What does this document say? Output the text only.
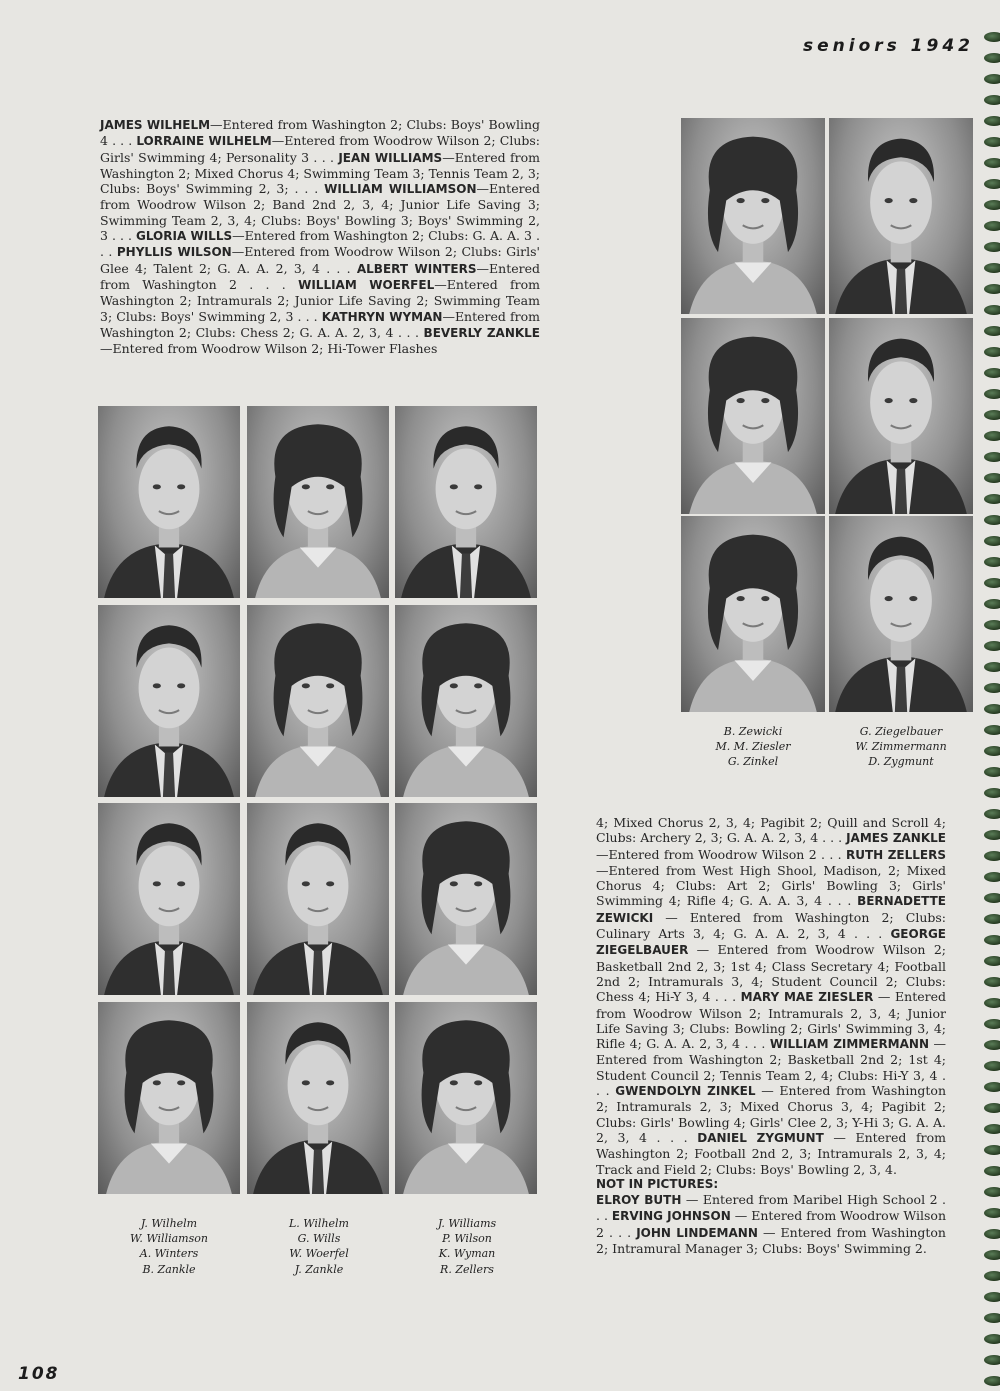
seniors 1942

JAMES WILHELM—Entered from Washington 2; Clubs: Boys' Bowling 4 . . . LORRAINE WILHELM—Entered from Woodrow Wilson 2; Clubs: Girls' Swimming 4; Personality 3 . . . JEAN WILLIAMS—Entered from Washington 2; Mixed Chorus 4; Swimming Team 3; Tennis Team 2, 3; Clubs: Boys' Swimming 2, 3; . . . WILLIAM WILLIAMSON—Entered from Woodrow Wilson 2; Band 2nd 2, 3, 4; Junior Life Saving 3; Swimming Team 2, 3, 4; Clubs: Boys' Bowling 3; Boys' Swimming 2, 3 . . . GLORIA WILLS—Entered from Washington 2; Clubs: G. A. A. 3 . . . PHYLLIS WILSON—Entered from Woodrow Wilson 2; Clubs: Girls' Glee 4; Talent 2; G. A. A. 2, 3, 4 . . . ALBERT WINTERS—Entered from Washington 2 . . . WILLIAM WOERFEL—Entered from Washington 2; Intramurals 2; Junior Life Saving 2; Swimming Team 3; Clubs: Boys' Swimming 2, 3 . . . KATHRYN WYMAN—Entered from Washington 2; Clubs: Chess 2; G. A. A. 2, 3, 4 . . . BEVERLY ZANKLE—Entered from Woodrow Wilson 2; Hi-Tower Flashes

4; Mixed Chorus 2, 3, 4; Pagibit 2; Quill and Scroll 4; Clubs: Archery 2, 3; G. A. A. 2, 3, 4 . . . JAMES ZANKLE—Entered from Woodrow Wilson 2 . . . RUTH ZELLERS—Entered from West High Shool, Madison, 2; Mixed Chorus 4; Clubs: Art 2; Girls' Bowling 3; Girls' Swimming 4; Rifle 4; G. A. A. 3, 4 . . . BERNADETTE ZEWICKI — Entered from Washington 2; Clubs: Culinary Arts 3, 4; G. A. A. 2, 3, 4 . . . GEORGE ZIEGELBAUER — Entered from Woodrow Wilson 2; Basketball 2nd 2, 3; 1st 4; Class Secretary 4; Football 2nd 2; Intramurals 3, 4; Student Council 2; Clubs: Chess 4; Hi-Y 3, 4 . . . MARY MAE ZIESLER — Entered from Woodrow Wilson 2; Intramurals 2, 3, 4; Junior Life Saving 3; Clubs: Bowling 2; Girls' Swimming 3, 4; Rifle 4; G. A. A. 2, 3, 4 . . . WILLIAM ZIMMERMANN — Entered from Washington 2; Basketball 2nd 2; 1st 4; Student Council 2; Tennis Team 2, 4; Clubs: Hi-Y 3, 4 . . . GWENDOLYN ZINKEL — Entered from Washington 2; Intramurals 2, 3; Mixed Chorus 3, 4; Pagibit 2; Clubs: Girls' Bowling 4; Girls' Clee 2, 3; Y-Hi 3; G. A. A. 2, 3, 4 . . . DANIEL ZYGMUNT — Entered from Washington 2; Football 2nd 2, 3; Intramurals 2, 3, 4; Track and Field 2; Clubs: Boys' Bowling 2, 3, 4.

NOT IN PICTURES:
ELROY BUTH — Entered from Maribel High School 2 . . . ERVING JOHNSON — Entered from Woodrow Wilson 2 . . . JOHN LINDEMANN — Entered from Washington 2; Intramural Manager 3; Clubs: Boys' Swimming 2.

J. Wilhelm
W. Williamson
A. Winters
B. Zankle
L. Wilhelm
G. Wills
W. Woerfel
J. Zankle
J. Williams
P. Wilson
K. Wyman
R. Zellers
B. Zewicki
M. M. Ziesler
G. Zinkel
G. Ziegelbauer
W. Zimmermann
D. Zygmunt
108
